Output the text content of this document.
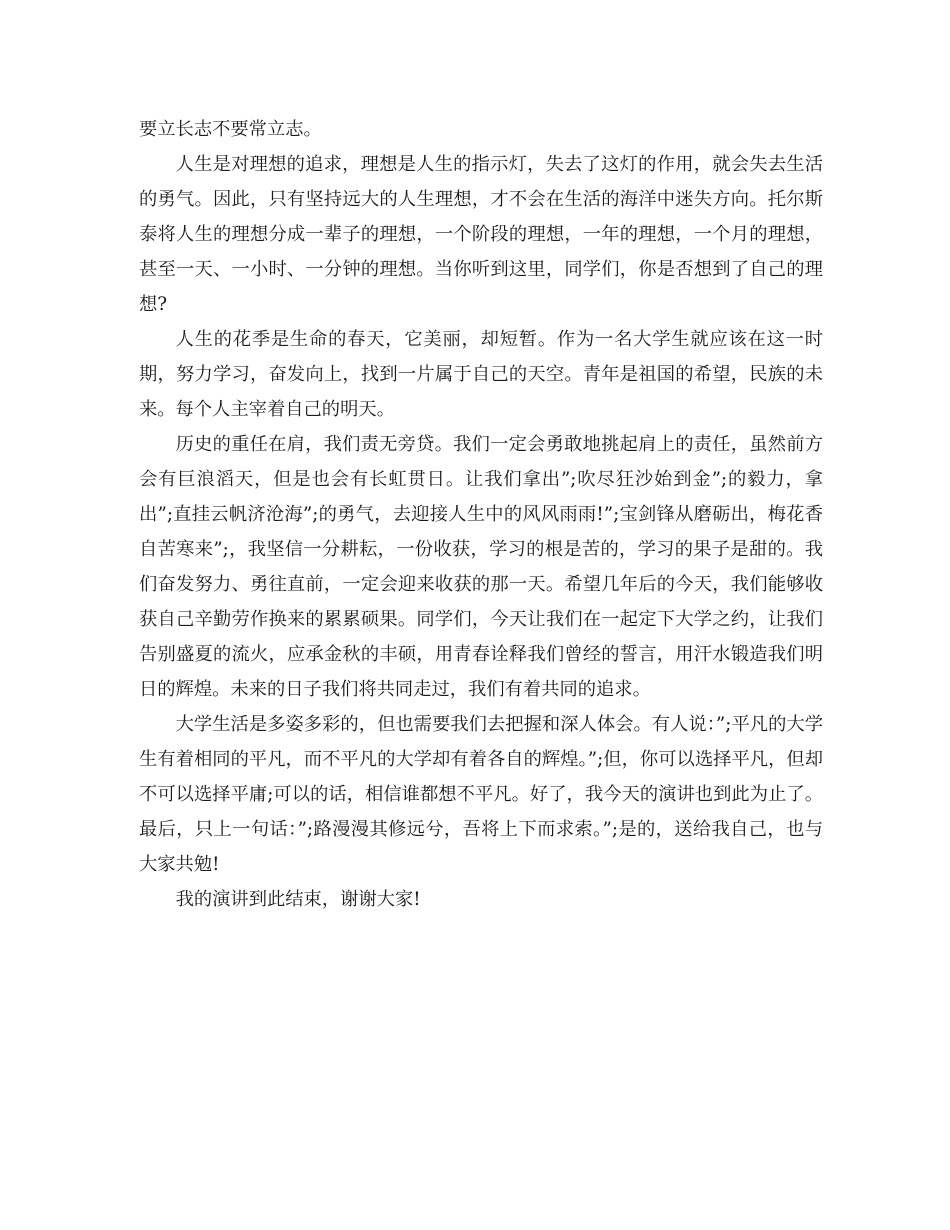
要立长志不要常立志。

人生是对理想的追求，理想是人生的指示灯，失去了这灯的作用，就会失去生活的勇气。因此，只有坚持远大的人生理想，才不会在生活的海洋中迷失方向。托尔斯泰将人生的理想分成一辈子的理想，一个阶段的理想，一年的理想，一个月的理想，甚至一天、一小时、一分钟的理想。当你听到这里，同学们，你是否想到了自己的理想?

人生的花季是生命的春天，它美丽，却短暂。作为一名大学生就应该在这一时期，努力学习，奋发向上，找到一片属于自己的天空。青年是祖国的希望，民族的未来。每个人主宰着自己的明天。

历史的重任在肩，我们责无旁贷。我们一定会勇敢地挑起肩上的责任，虽然前方会有巨浪滔天，但是也会有长虹贯日。让我们拿出”;吹尽狂沙始到金”;的毅力，拿出”;直挂云帆济沧海”;的勇气，去迎接人生中的风风雨雨!”;宝剑锋从磨砺出，梅花香自苦寒来”;，我坚信一分耕耘，一份收获，学习的根是苦的，学习的果子是甜的。我们奋发努力、勇往直前，一定会迎来收获的那一天。希望几年后的今天，我们能够收获自己辛勤劳作换来的累累硕果。同学们，今天让我们在一起定下大学之约，让我们告别盛夏的流火，应承金秋的丰硕，用青春诠释我们曾经的誓言，用汗水锻造我们明日的辉煌。未来的日子我们将共同走过，我们有着共同的追求。

大学生活是多姿多彩的，但也需要我们去把握和深人体会。有人说：”;平凡的大学生有着相同的平凡，而不平凡的大学却有着各自的辉煌。”;但，你可以选择平凡，但却不可以选择平庸;可以的话，相信谁都想不平凡。好了，我今天的演讲也到此为止了。最后，只上一句话：”;路漫漫其修远兮，吾将上下而求索。”;是的，送给我自己，也与大家共勉!

我的演讲到此结束，谢谢大家!
